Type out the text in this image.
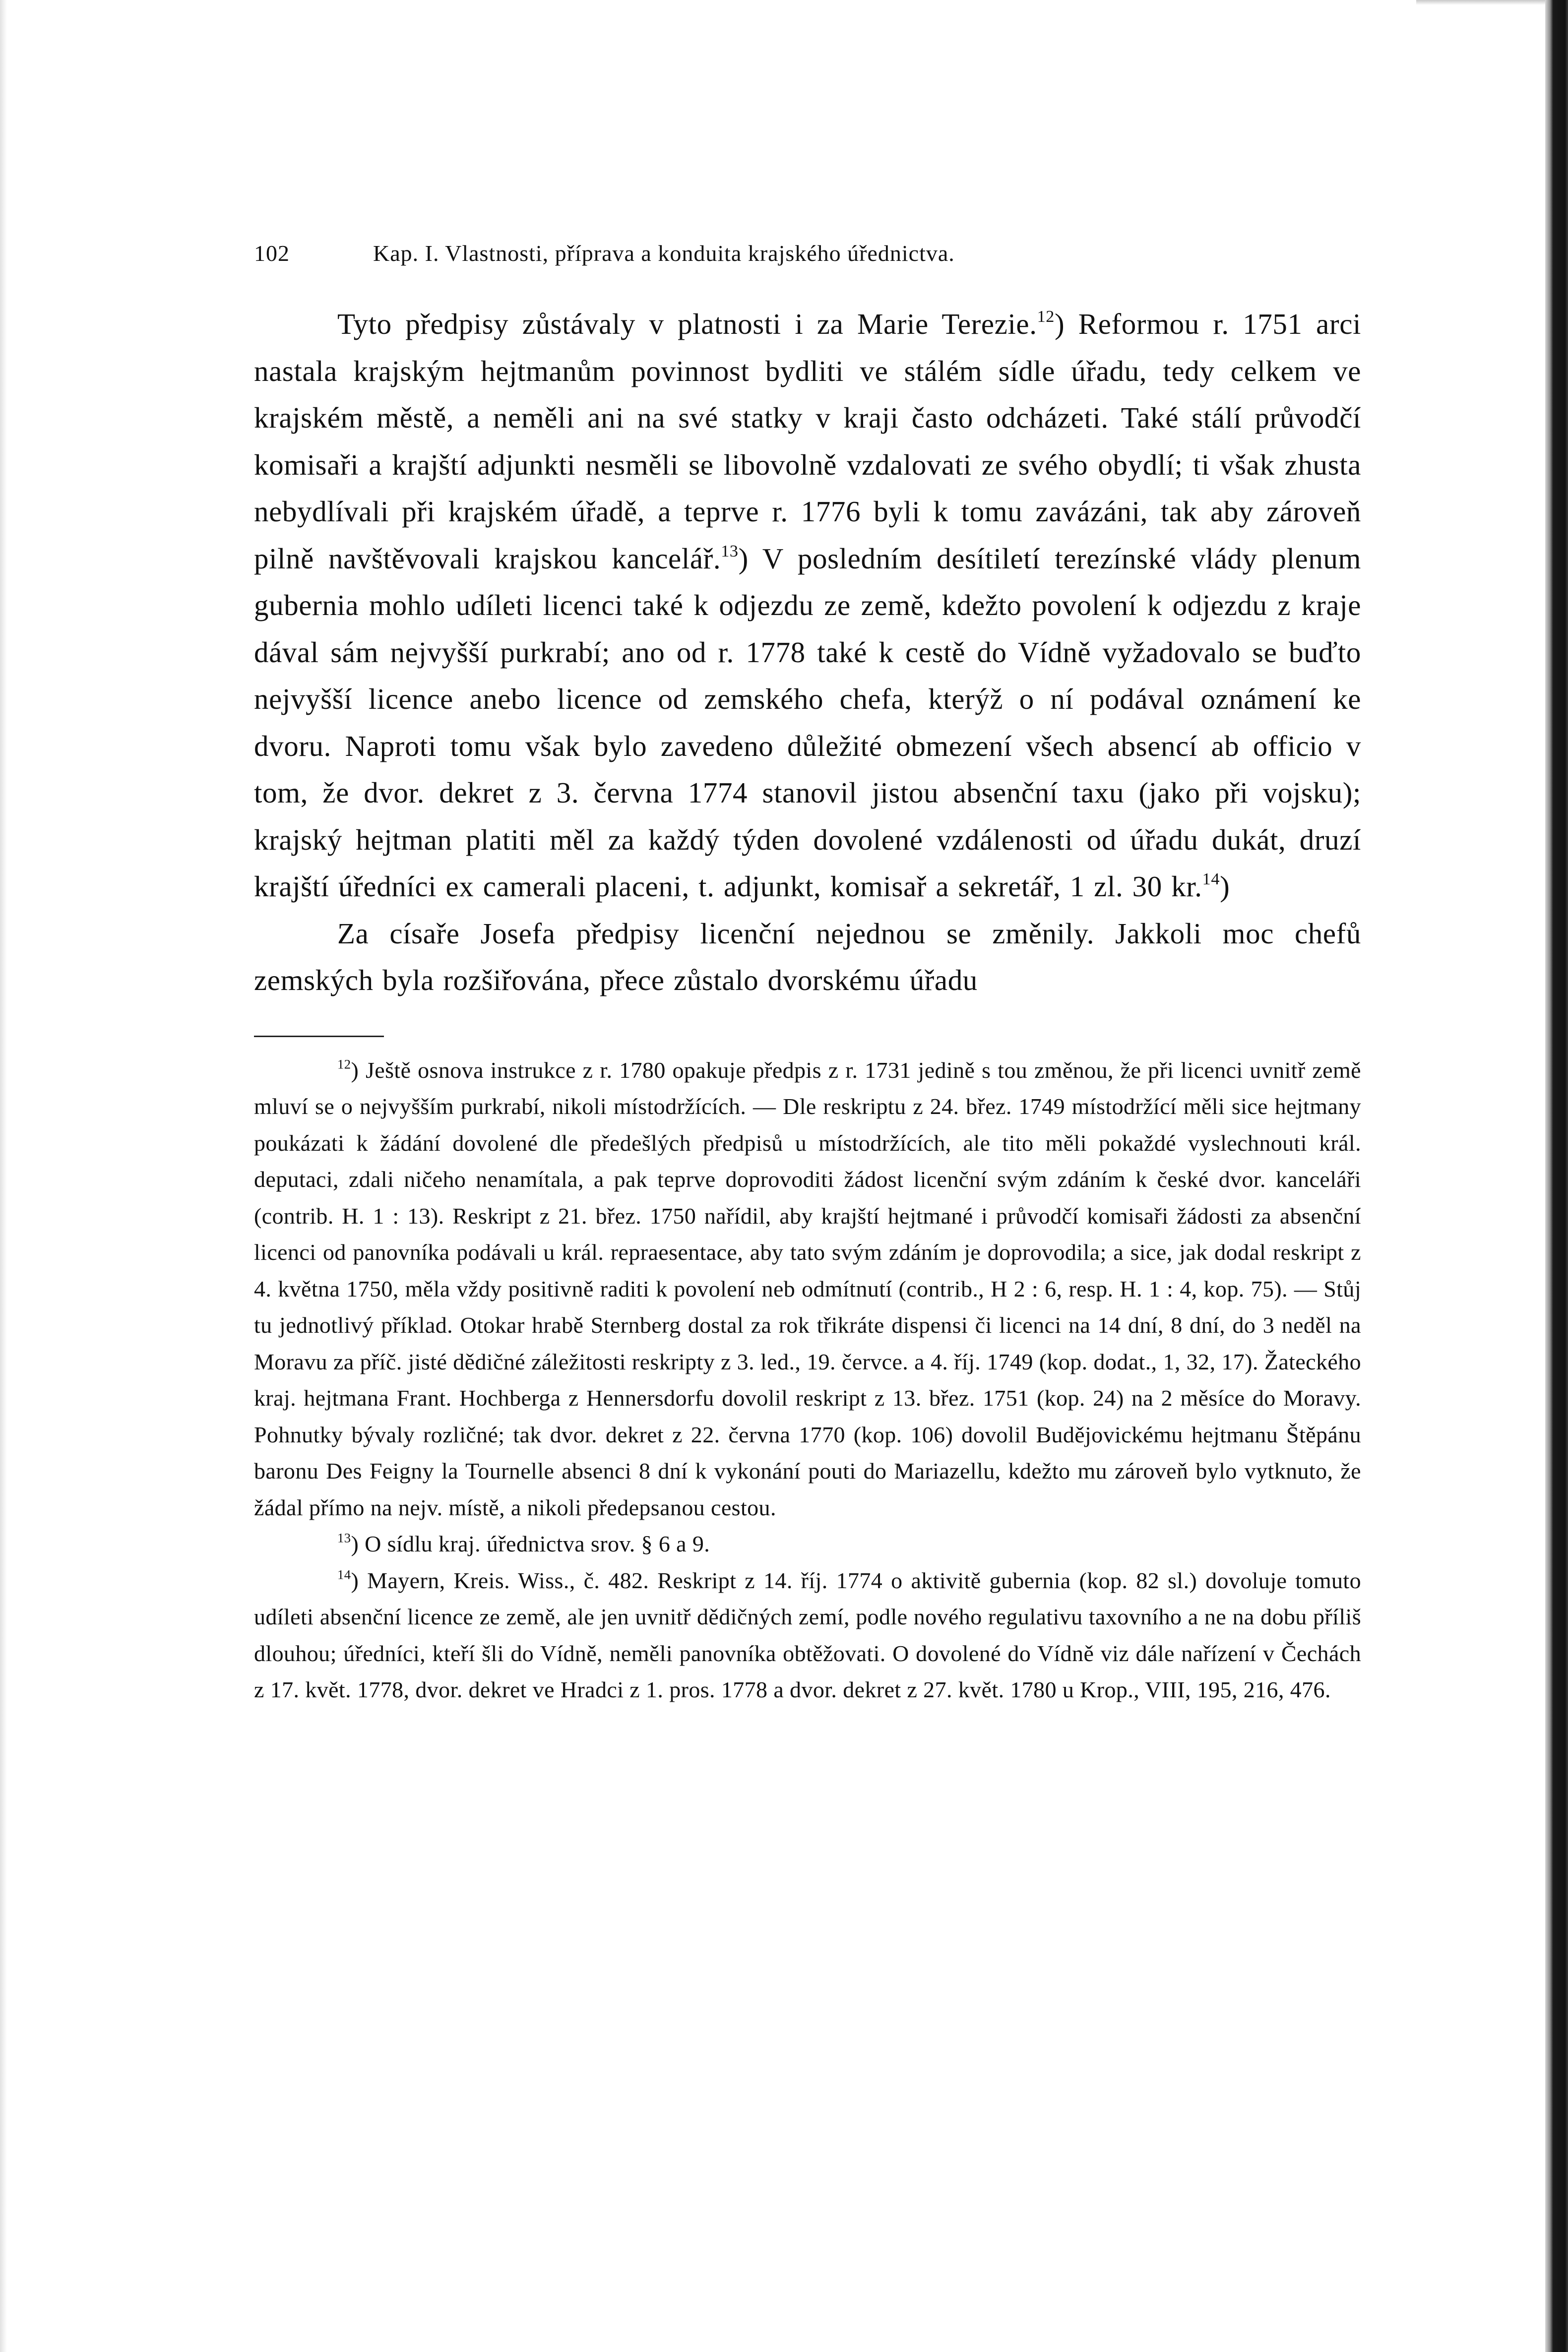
102	Kap. I. Vlastnosti, příprava a konduita krajského úřednictva.

Tyto předpisy zůstávaly v platnosti i za Marie Terezie.$^{12}$) Reformou r. 1751 arci nastala krajským hejtmanům povinnost bydliti ve stálém sídle úřadu, tedy celkem ve krajském městě, a neměli ani na své statky v kraji často odcházeti. Také stálí průvodčí komisaři a krajští adjunkti nesměli se libovolně vzdalovati ze svého obydlí; ti však zhusta nebydlívali při krajském úřadě, a teprve r. 1776 byli k tomu zavázáni, tak aby zároveň pilně navštěvovali krajskou kancelář.$^{13}$) V posledním desítiletí terezínské vlády plenum gubernia mohlo udíleti licenci také k odjezdu ze země, kdežto povolení k odjezdu z kraje dával sám nejvyšší purkrabí; ano od r. 1778 také k cestě do Vídně vyžadovalo se buďto nejvyšší licence anebo licence od zemského chefa, kterýž o ní podával oznámení ke dvoru. Naproti tomu však bylo zavedeno důležité obmezení všech absencí ab officio v tom, že dvor. dekret z 3. června 1774 stanovil jistou absenční taxu (jako při vojsku); krajský hejtman platiti měl za každý týden dovolené vzdálenosti od úřadu dukát, druzí krajští úředníci ex camerali placeni, t. adjunkt, komisař a sekretář, 1 zl. 30 kr.$^{14}$)

Za císaře Josefa předpisy licenční nejednou se změnily. Jakkoli moc chefů zemských byla rozšiřována, přece zůstalo dvorskému úřadu

$^{12}$) Ještě osnova instrukce z r. 1780 opakuje předpis z r. 1731 jedině s tou změnou, že při licenci uvnitř země mluví se o nejvyšším purkrabí, nikoli místodržících. — Dle reskriptu z 24. břez. 1749 místodržící měli sice hejtmany poukázati k žádání dovolené dle předešlých předpisů u místodržících, ale tito měli pokaždé vyslechnouti král. deputaci, zdali ničeho nenamítala, a pak teprve doprovoditi žádost licenční svým zdáním k české dvor. kanceláři (contrib. H. 1 : 13). Reskript z 21. břez. 1750 nařídil, aby krajští hejtmané i průvodčí komisaři žádosti za absenční licenci od panovníka podávali u král. repraesentace, aby tato svým zdáním je doprovodila; a sice, jak dodal reskript z 4. května 1750, měla vždy positivně raditi k povolení neb odmítnutí (contrib., H 2 : 6, resp. H. 1 : 4, kop. 75). — Stůj tu jednotlivý příklad. Otokar hrabě Sternberg dostal za rok třikráte dispensi či licenci na 14 dní, 8 dní, do 3 neděl na Moravu za příč. jisté dědičné záležitosti reskripty z 3. led., 19. červce. a 4. říj. 1749 (kop. dodat., 1, 32, 17). Žateckého kraj. hejtmana Frant. Hochberga z Hennersdorfu dovolil reskript z 13. břez. 1751 (kop. 24) na 2 měsíce do Moravy. Pohnutky bývaly rozličné; tak dvor. dekret z 22. června 1770 (kop. 106) dovolil Budějovickému hejtmanu Štěpánu baronu Des Feigny la Tournelle absenci 8 dní k vykonání pouti do Mariazellu, kdežto mu zároveň bylo vytknuto, že žádal přímo na nejv. místě, a nikoli předepsanou cestou.

$^{13}$) O sídlu kraj. úřednictva srov. § 6 a 9.

$^{14}$) Mayern, Kreis. Wiss., č. 482. Reskript z 14. říj. 1774 o aktivitě gubernia (kop. 82 sl.) dovoluje tomuto udíleti absenční licence ze země, ale jen uvnitř dědičných zemí, podle nového regulativu taxovního a ne na dobu příliš dlouhou; úředníci, kteří šli do Vídně, neměli panovníka obtěžovati. O dovolené do Vídně viz dále nařízení v Čechách z 17. květ. 1778, dvor. dekret ve Hradci z 1. pros. 1778 a dvor. dekret z 27. květ. 1780 u Krop., VIII, 195, 216, 476.
